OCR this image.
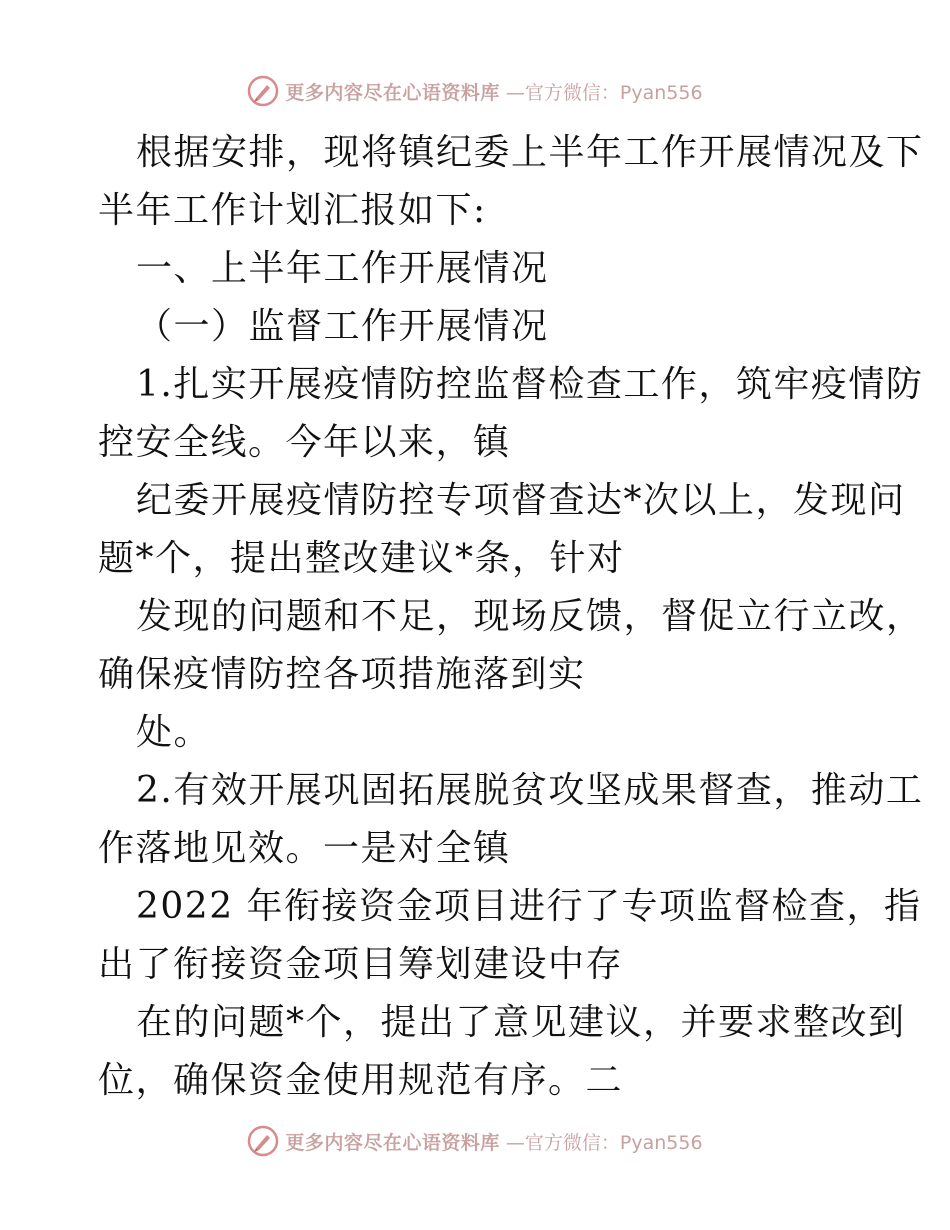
更多内容尽在心语资料库 —官方微信：Pyan556
根据安排，现将镇纪委上半年工作开展情况及下
半年工作计划汇报如下:
一、上半年工作开展情况
（一）监督工作开展情况
1.扎实开展疫情防控监督检查工作，筑牢疫情防
控安全线。今年以来，镇
纪委开展疫情防控专项督查达*次以上，发现问
题*个，提出整改建议*条，针对
发现的问题和不足，现场反馈，督促立行立改，
确保疫情防控各项措施落到实
处。
2.有效开展巩固拓展脱贫攻坚成果督查，推动工
作落地见效。一是对全镇
2022 年衔接资金项目进行了专项监督检查，指
出了衔接资金项目筹划建设中存
在的问题*个，提出了意见建议，并要求整改到
位，确保资金使用规范有序。二
更多内容尽在心语资料库 —官方微信：Pyan556
